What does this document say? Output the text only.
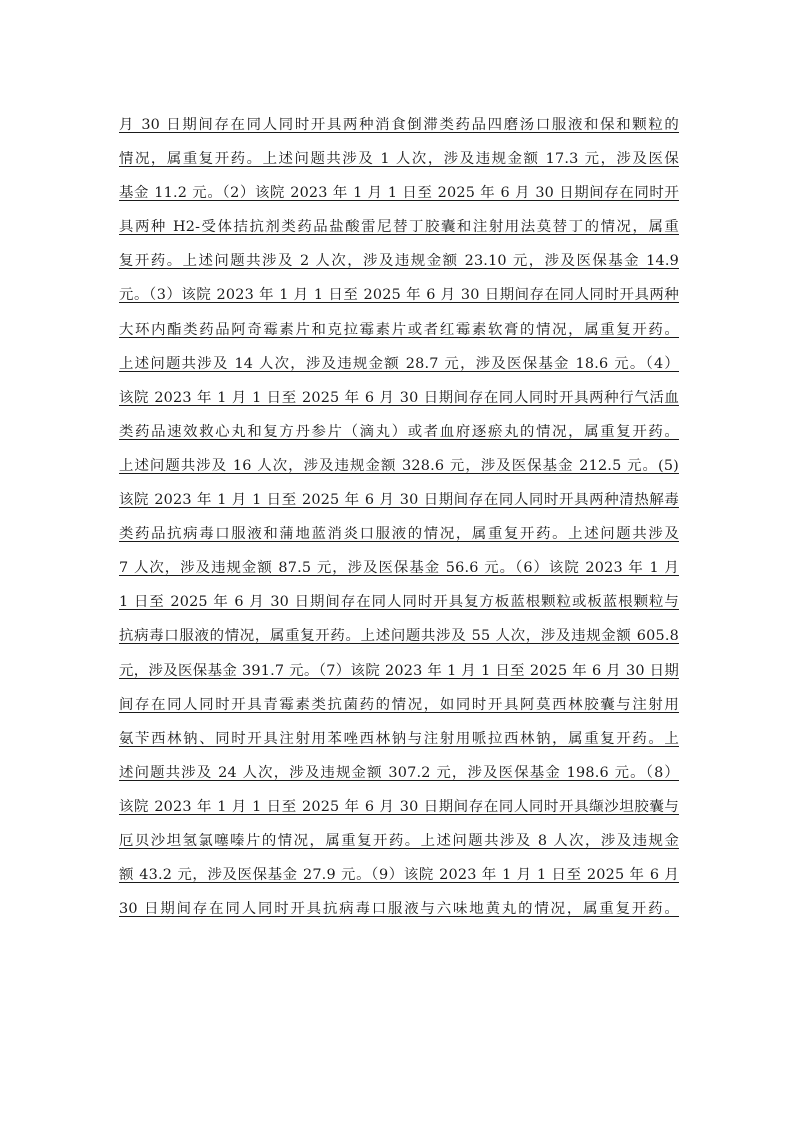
月 30 日期间存在同人同时开具两种消食倒滞类药品四磨汤口服液和保和颗粒的
情况，属重复开药。上述问题共涉及 1 人次，涉及违规金额 17.3 元，涉及医保
基金 11.2 元。（2）该院 2023 年 1 月 1 日至 2025 年 6 月 30 日期间存在同时开
具两种 H2-受体拮抗剂类药品盐酸雷尼替丁胶囊和注射用法莫替丁的情况，属重
复开药。上述问题共涉及 2 人次，涉及违规金额 23.10 元，涉及医保基金 14.9
元。（3）该院 2023 年 1 月 1 日至 2025 年 6 月 30 日期间存在同人同时开具两种
大环内酯类药品阿奇霉素片和克拉霉素片或者红霉素软膏的情况，属重复开药。
上述问题共涉及 14 人次，涉及违规金额 28.7 元，涉及医保基金 18.6 元。（4）
该院 2023 年 1 月 1 日至 2025 年 6 月 30 日期间存在同人同时开具两种行气活血
类药品速效救心丸和复方丹参片（滴丸）或者血府逐瘀丸的情况，属重复开药。
上述问题共涉及 16 人次，涉及违规金额 328.6 元，涉及医保基金 212.5 元。(5)
该院 2023 年 1 月 1 日至 2025 年 6 月 30 日期间存在同人同时开具两种清热解毒
类药品抗病毒口服液和蒲地蓝消炎口服液的情况，属重复开药。上述问题共涉及
7 人次，涉及违规金额 87.5 元，涉及医保基金 56.6 元。（6）该院 2023 年 1 月
1 日至 2025 年 6 月 30 日期间存在同人同时开具复方板蓝根颗粒或板蓝根颗粒与
抗病毒口服液的情况，属重复开药。上述问题共涉及 55 人次，涉及违规金额 605.8
元，涉及医保基金 391.7 元。（7）该院 2023 年 1 月 1 日至 2025 年 6 月 30 日期
间存在同人同时开具青霉素类抗菌药的情况，如同时开具阿莫西林胶囊与注射用
氨苄西林钠、同时开具注射用苯唑西林钠与注射用哌拉西林钠，属重复开药。上
述问题共涉及 24 人次，涉及违规金额 307.2 元，涉及医保基金 198.6 元。（8）
该院 2023 年 1 月 1 日至 2025 年 6 月 30 日期间存在同人同时开具缬沙坦胶囊与
厄贝沙坦氢氯噻嗪片的情况，属重复开药。上述问题共涉及 8 人次，涉及违规金
额 43.2 元，涉及医保基金 27.9 元。（9）该院 2023 年 1 月 1 日至 2025 年 6 月
30 日期间存在同人同时开具抗病毒口服液与六味地黄丸的情况，属重复开药。
